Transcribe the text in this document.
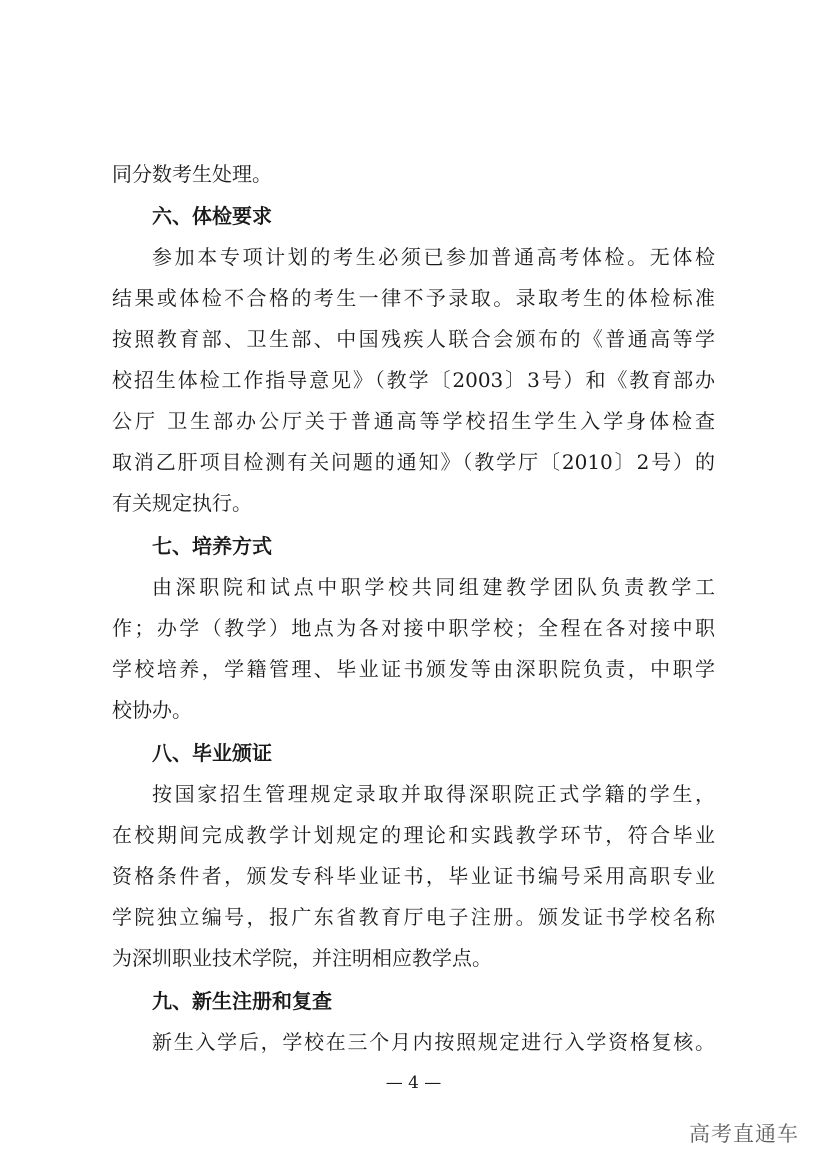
同分数考生处理。
六、体检要求
参加本专项计划的考生必须已参加普通高考体检。无体检
结果或体检不合格的考生一律不予录取。录取考生的体检标准
按照教育部、卫生部、中国残疾人联合会颁布的《普通高等学
校招生体检工作指导意见》（教学〔2003〕3号）和《教育部办
公厅 卫生部办公厅关于普通高等学校招生学生入学身体检查
取消乙肝项目检测有关问题的通知》（教学厅〔2010〕2号）的
有关规定执行。
七、培养方式
由深职院和试点中职学校共同组建教学团队负责教学工
作；办学（教学）地点为各对接中职学校；全程在各对接中职
学校培养，学籍管理、毕业证书颁发等由深职院负责，中职学
校协办。
八、毕业颁证
按国家招生管理规定录取并取得深职院正式学籍的学生，
在校期间完成教学计划规定的理论和实践教学环节，符合毕业
资格条件者，颁发专科毕业证书，毕业证书编号采用高职专业
学院独立编号，报广东省教育厅电子注册。颁发证书学校名称
为深圳职业技术学院，并注明相应教学点。
九、新生注册和复查
新生入学后，学校在三个月内按照规定进行入学资格复核。
— 4 —
高考直通车
